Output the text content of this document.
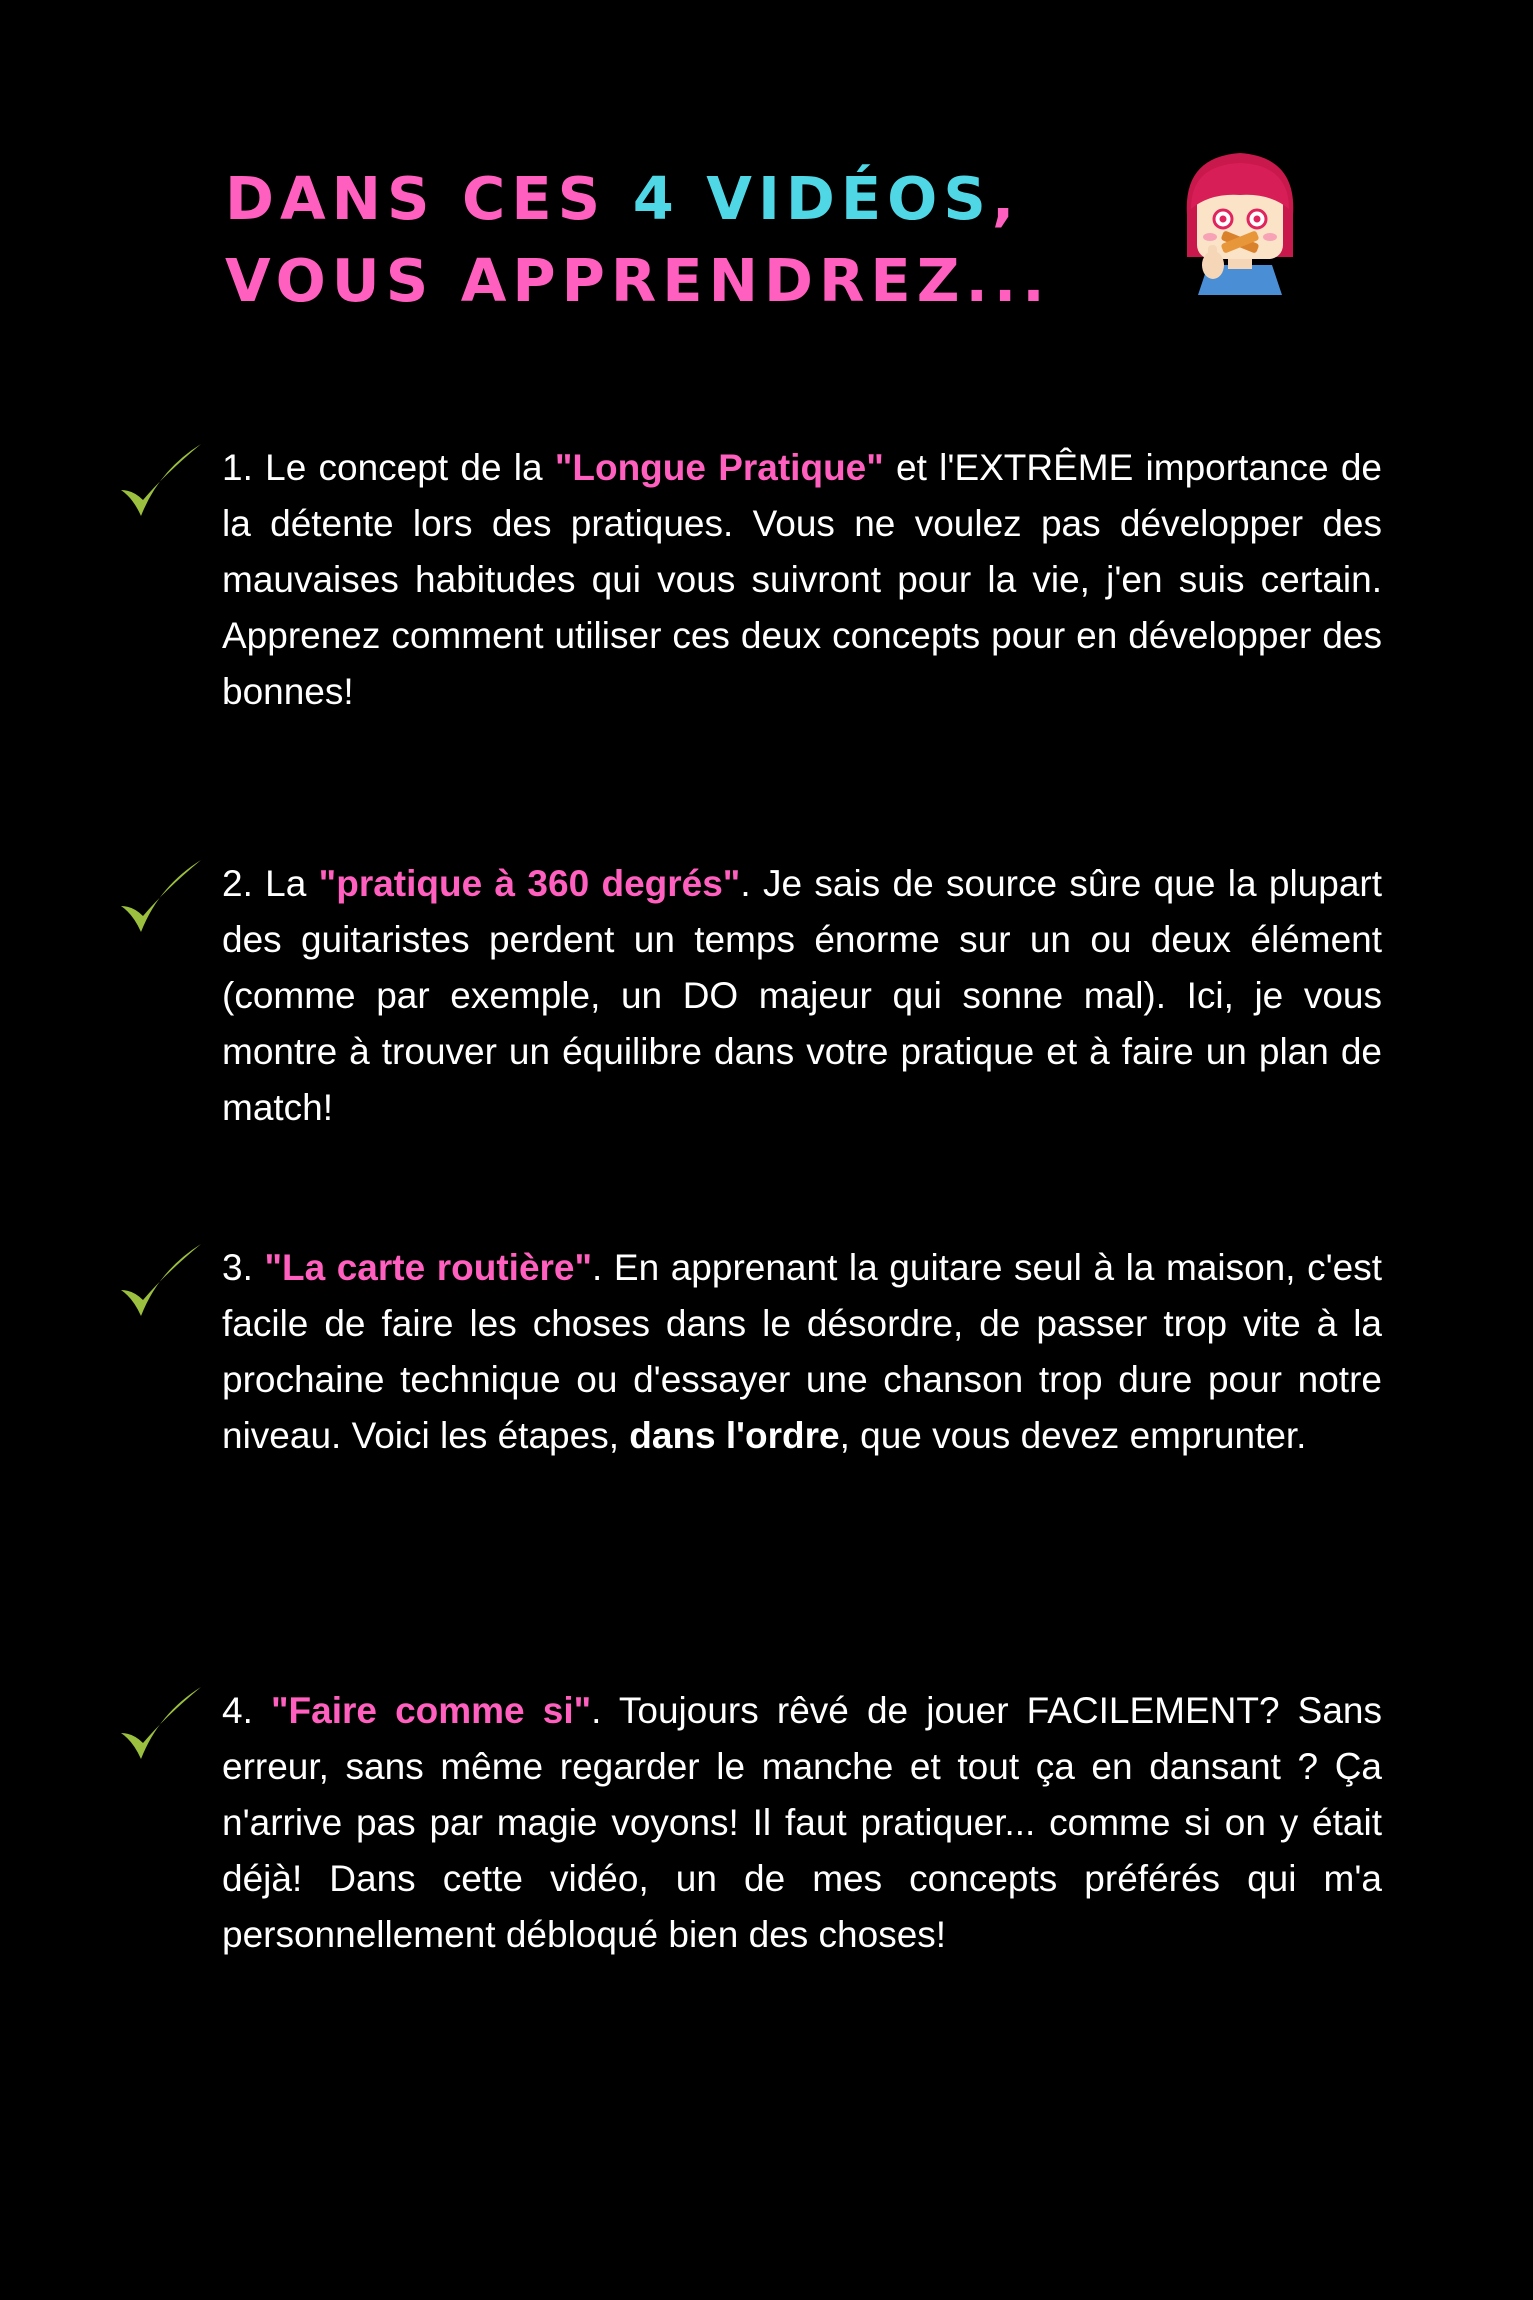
DANS CES 4 VIDÉOS, VOUS APPRENDREZ...

1. Le concept de la "Longue Pratique" et l'EXTRÊME importance de la détente lors des pratiques. Vous ne voulez pas développer des mauvaises habitudes qui vous suivront pour la vie, j'en suis certain. Apprenez comment utiliser ces deux concepts pour en développer des bonnes!

2. La "pratique à 360 degrés". Je sais de source sûre que la plupart des guitaristes perdent un temps énorme sur un ou deux élément (comme par exemple, un DO majeur qui sonne mal). Ici, je vous montre à trouver un équilibre dans votre pratique et à faire un plan de match!

3. "La carte routière". En apprenant la guitare seul à la maison, c'est facile de faire les choses dans le désordre, de passer trop vite à la prochaine technique ou d'essayer une chanson trop dure pour notre niveau. Voici les étapes, dans l'ordre, que vous devez emprunter.

4. "Faire comme si". Toujours rêvé de jouer FACILEMENT? Sans erreur, sans même regarder le manche et tout ça en dansant ? Ça n'arrive pas par magie voyons! Il faut pratiquer... comme si on y était déjà! Dans cette vidéo, un de mes concepts préférés qui m'a personnellement débloqué bien des choses!
